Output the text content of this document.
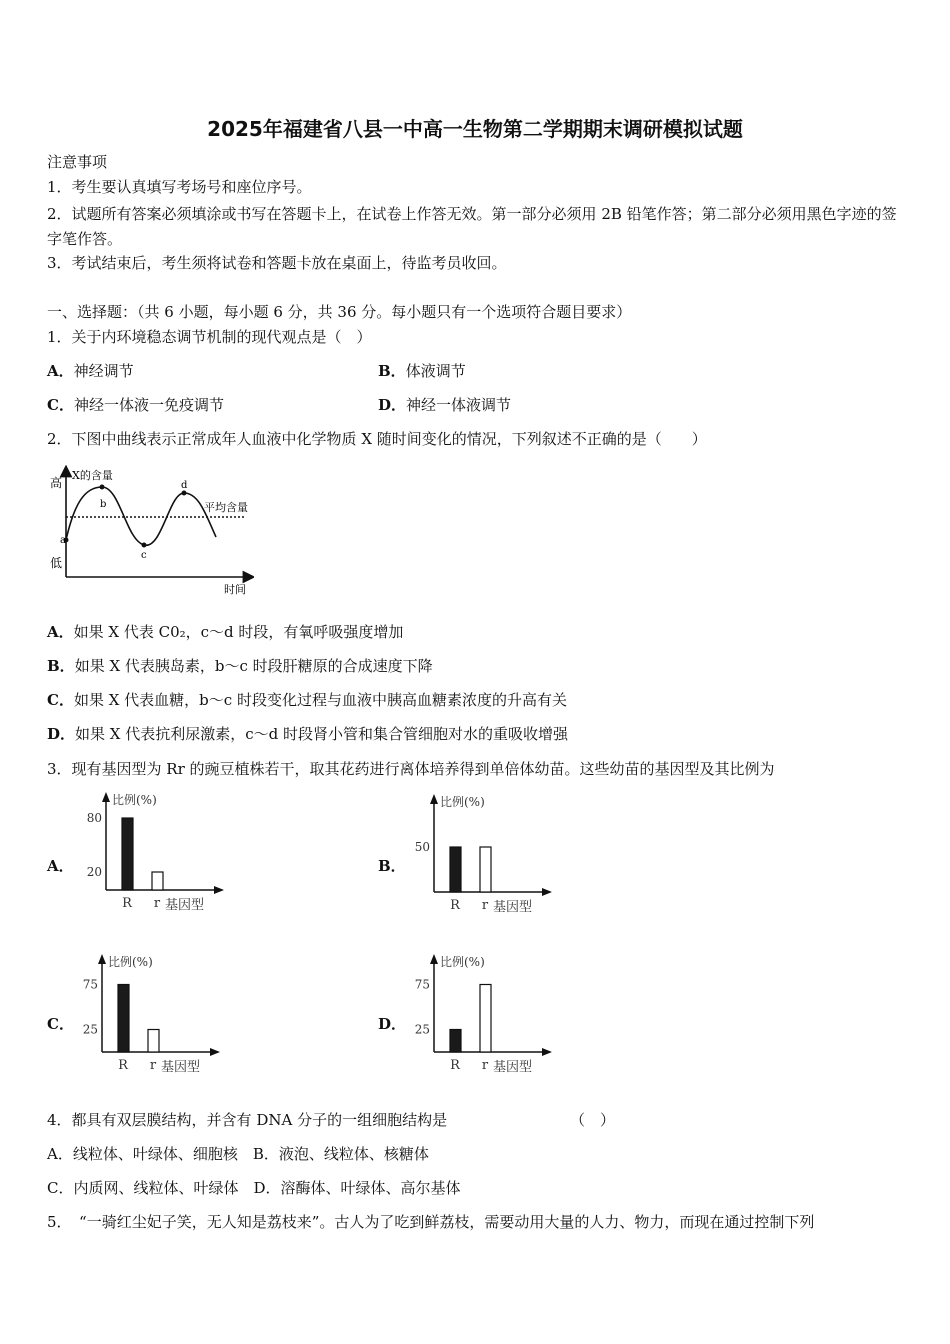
2025年福建省八县一中高一生物第二学期期末调研模拟试题
注意事项
1．考生要认真填写考场号和座位序号。
2．试题所有答案必须填涂或书写在答题卡上，在试卷上作答无效。第一部分必须用 2B 铅笔作答；第二部分必须用黑色字迹的签字笔作答。
3．考试结束后，考生须将试卷和答题卡放在桌面上，待监考员收回。
一、选择题：（共 6 小题，每小题 6 分，共 36 分。每小题只有一个选项符合题目要求）
1．关于内环境稳态调节机制的现代观点是（　）
A．神经调节	B．体液调节
C．神经一体液一免疫调节	D．神经一体液调节
2．下图中曲线表示正常成年人血液中化学物质 X 随时间变化的情况，下列叙述不正确的是（　　）
X的含量
高
低
平均含量
a
b
c
d
时间
A．如果 X 代表 C0₂，c～d 时段，有氧呼吸强度增加
B．如果 X 代表胰岛素，b～c 时段肝糖原的合成速度下降
C．如果 X 代表血糖，b～c 时段变化过程与血液中胰高血糖素浓度的升高有关
D．如果 X 代表抗利尿激素，c～d 时段肾小管和集合管细胞对水的重吸收增强
3．现有基因型为 Rr 的豌豆植株若干，取其花药进行离体培养得到单倍体幼苗。这些幼苗的基因型及其比例为
A．	B．
C．	D．
比例(%)
80
20
R r 基因型
比例(%)
50
R r 基因型
比例(%)
75
25
R r 基因型
比例(%)
75
25
R r 基因型
4．都具有双层膜结构，并含有 DNA 分子的一组细胞结构是	（　）
A．线粒体、叶绿体、细胞核　B．液泡、线粒体、核糖体
C．内质网、线粒体、叶绿体　D．溶酶体、叶绿体、高尔基体
5．　“一骑红尘妃子笑，无人知是荔枝来”。古人为了吃到鲜荔枝，需要动用大量的人力、物力，而现在通过控制下列
